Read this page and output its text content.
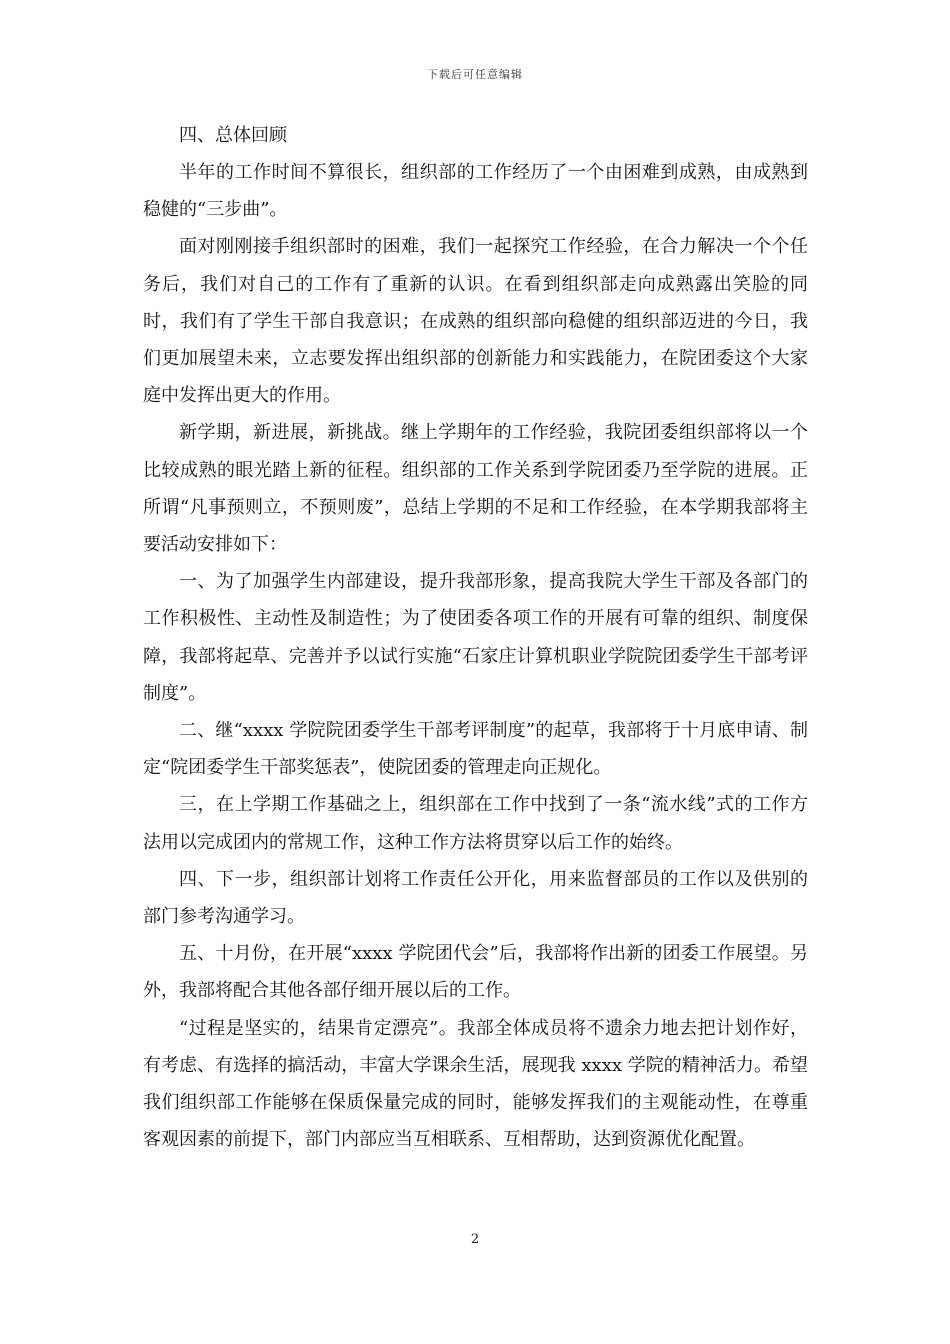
下载后可任意编辑

四、总体回顾

半年的工作时间不算很长，组织部的工作经历了一个由困难到成熟，由成熟到稳健的“三步曲”。

面对刚刚接手组织部时的困难，我们一起探究工作经验，在合力解决一个个任务后，我们对自己的工作有了重新的认识。在看到组织部走向成熟露出笑脸的同时，我们有了学生干部自我意识；在成熟的组织部向稳健的组织部迈进的今日，我们更加展望未来，立志要发挥出组织部的创新能力和实践能力，在院团委这个大家庭中发挥出更大的作用。

新学期，新进展，新挑战。继上学期年的工作经验，我院团委组织部将以一个比较成熟的眼光踏上新的征程。组织部的工作关系到学院团委乃至学院的进展。正所谓“凡事预则立，不预则废”，总结上学期的不足和工作经验，在本学期我部将主要活动安排如下：

一、为了加强学生内部建设，提升我部形象，提高我院大学生干部及各部门的工作积极性、主动性及制造性；为了使团委各项工作的开展有可靠的组织、制度保障，我部将起草、完善并予以试行实施“石家庄计算机职业学院院团委学生干部考评制度”。

二、继“xxxx 学院院团委学生干部考评制度”的起草，我部将于十月底申请、制定“院团委学生干部奖惩表”，使院团委的管理走向正规化。

三，在上学期工作基础之上，组织部在工作中找到了一条“流水线”式的工作方法用以完成团内的常规工作，这种工作方法将贯穿以后工作的始终。

四、下一步，组织部计划将工作责任公开化，用来监督部员的工作以及供别的部门参考沟通学习。

五、十月份，在开展“xxxx 学院团代会”后，我部将作出新的团委工作展望。另外，我部将配合其他各部仔细开展以后的工作。

“过程是坚实的，结果肯定漂亮”。我部全体成员将不遗余力地去把计划作好，有考虑、有选择的搞活动，丰富大学课余生活，展现我 xxxx 学院的精神活力。希望我们组织部工作能够在保质保量完成的同时，能够发挥我们的主观能动性，在尊重客观因素的前提下，部门内部应当互相联系、互相帮助，达到资源优化配置。

2
